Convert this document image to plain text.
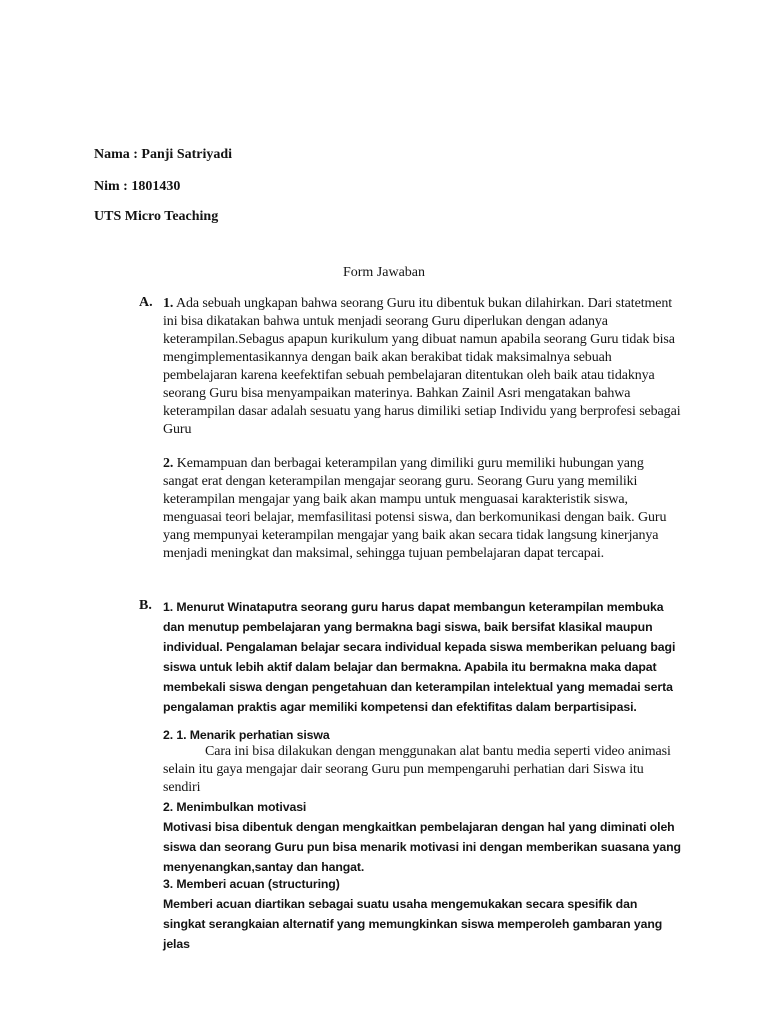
Nama : Panji Satriyadi
Nim : 1801430
UTS Micro Teaching
Form Jawaban
A. 1. Ada sebuah ungkapan bahwa seorang Guru itu dibentuk bukan dilahirkan. Dari statetment ini bisa dikatakan bahwa untuk menjadi seorang Guru diperlukan dengan adanya keterampilan.Sebagus apapun kurikulum yang dibuat namun apabila seorang Guru tidak bisa mengimplementasikannya dengan baik akan berakibat tidak maksimalnya sebuah pembelajaran karena keefektifan sebuah pembelajaran ditentukan oleh baik atau tidaknya seorang Guru bisa menyampaikan materinya. Bahkan Zainil Asri mengatakan bahwa keterampilan dasar adalah sesuatu yang harus dimiliki setiap Individu yang berprofesi sebagai Guru

2. Kemampuan dan berbagai keterampilan yang dimiliki guru memiliki hubungan yang sangat erat dengan keterampilan mengajar seorang guru. Seorang Guru yang memiliki keterampilan mengajar yang baik akan mampu untuk menguasai karakteristik siswa, menguasai teori belajar, memfasilitasi potensi siswa, dan berkomunikasi dengan baik. Guru yang mempunyai keterampilan mengajar yang baik akan secara tidak langsung kinerjanya menjadi meningkat dan maksimal, sehingga tujuan pembelajaran dapat tercapai.

B. 1. Menurut Winataputra seorang guru harus dapat membangun keterampilan membuka dan menutup pembelajaran yang bermakna bagi siswa, baik bersifat klasikal maupun individual. Pengalaman belajar secara individual kepada siswa memberikan peluang bagi siswa untuk lebih aktif dalam belajar dan bermakna. Apabila itu bermakna maka dapat membekali siswa dengan pengetahuan dan keterampilan intelektual yang memadai serta pengalaman praktis agar memiliki kompetensi dan efektifitas dalam berpartisipasi.

2. 1. Menarik perhatian siswa

Cara ini bisa dilakukan dengan menggunakan alat bantu media seperti video animasi selain itu gaya mengajar dair seorang Guru pun mempengaruhi perhatian dari Siswa itu sendiri

2. Menimbulkan motivasi

Motivasi bisa dibentuk dengan mengkaitkan pembelajaran dengan hal yang diminati oleh siswa dan seorang Guru pun bisa menarik motivasi ini dengan memberikan suasana yang menyenangkan,santay dan hangat.

3. Memberi acuan (structuring)

Memberi acuan diartikan sebagai suatu usaha mengemukakan secara spesifik dan singkat serangkaian alternatif yang memungkinkan siswa memperoleh gambaran yang jelas
